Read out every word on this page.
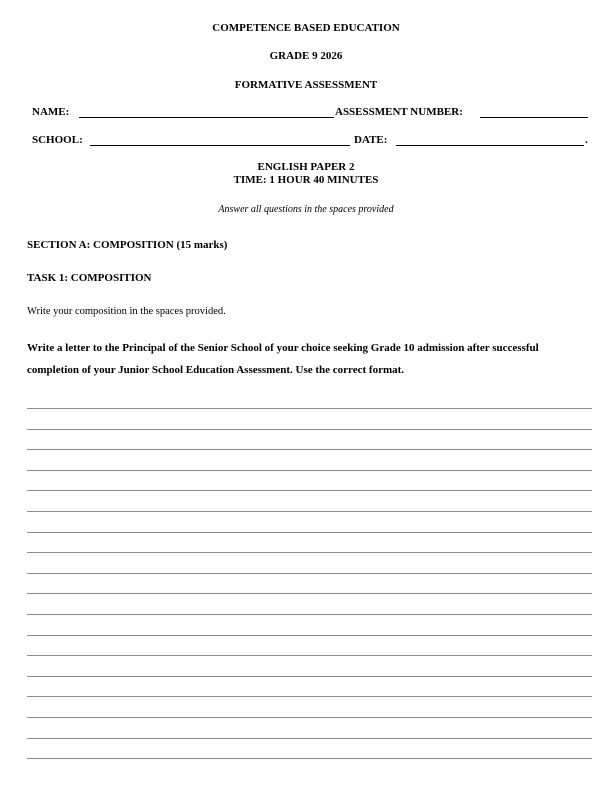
COMPETENCE BASED EDUCATION
GRADE 9 2026
FORMATIVE ASSESSMENT
NAME:	ASSESSMENT NUMBER:
SCHOOL:	DATE:	.
ENGLISH PAPER 2
TIME: 1 HOUR 40 MINUTES
Answer all questions in the spaces provided
SECTION A: COMPOSITION (15 marks)
TASK 1: COMPOSITION
Write your composition in the spaces provided.
Write a letter to the Principal of the Senior School of your choice seeking Grade 10 admission after successful completion of your Junior School Education Assessment. Use the correct format.
